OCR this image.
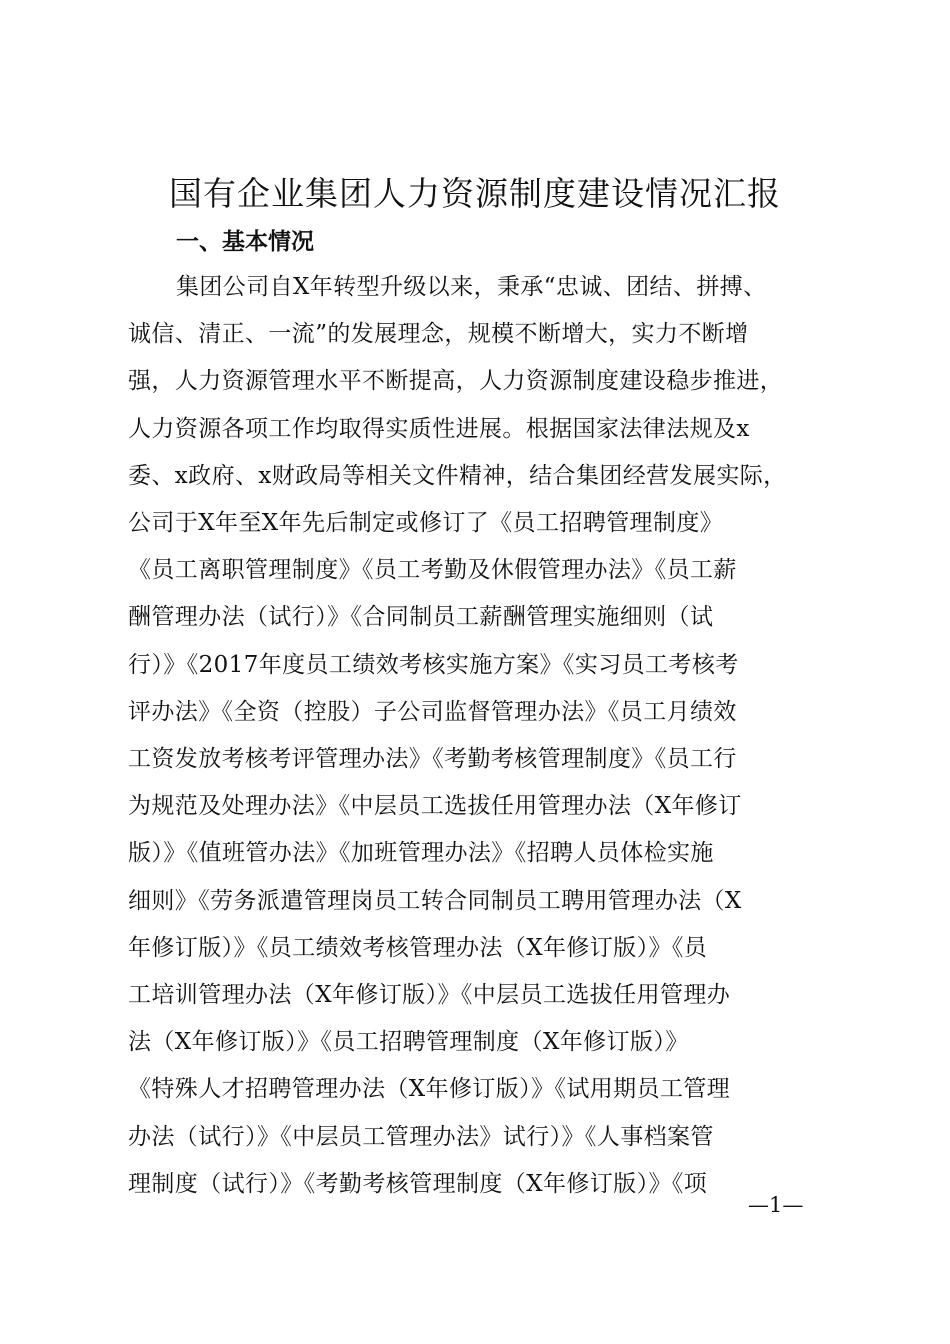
国有企业集团人力资源制度建设情况汇报
一、基本情况
集团公司自X年转型升级以来，秉承“忠诚、团结、拼搏、
诚信、清正、一流”的发展理念，规模不断增大，实力不断增
强，人力资源管理水平不断提高，人力资源制度建设稳步推进，
人力资源各项工作均取得实质性进展。根据国家法律法规及x
委、x政府、x财政局等相关文件精神，结合集团经营发展实际，
公司于X年至X年先后制定或修订了《员工招聘管理制度》
《员工离职管理制度》《员工考勤及休假管理办法》《员工薪
酬管理办法（试行）》《合同制员工薪酬管理实施细则（试
行）》《2017年度员工绩效考核实施方案》《实习员工考核考
评办法》《全资（控股）子公司监督管理办法》《员工月绩效
工资发放考核考评管理办法》《考勤考核管理制度》《员工行
为规范及处理办法》《中层员工选拔任用管理办法（X年修订
版）》《值班管办法》《加班管理办法》《招聘人员体检实施
细则》《劳务派遣管理岗员工转合同制员工聘用管理办法（X
年修订版）》《员工绩效考核管理办法（X年修订版）》《员
工培训管理办法（X年修订版）》《中层员工选拔任用管理办
法（X年修订版）》《员工招聘管理制度（X年修订版）》
《特殊人才招聘管理办法（X年修订版）》《试用期员工管理
办法（试行）》《中层员工管理办法》试行）》《人事档案管
理制度（试行）》《考勤考核管理制度（X年修订版）》《项
—1—
